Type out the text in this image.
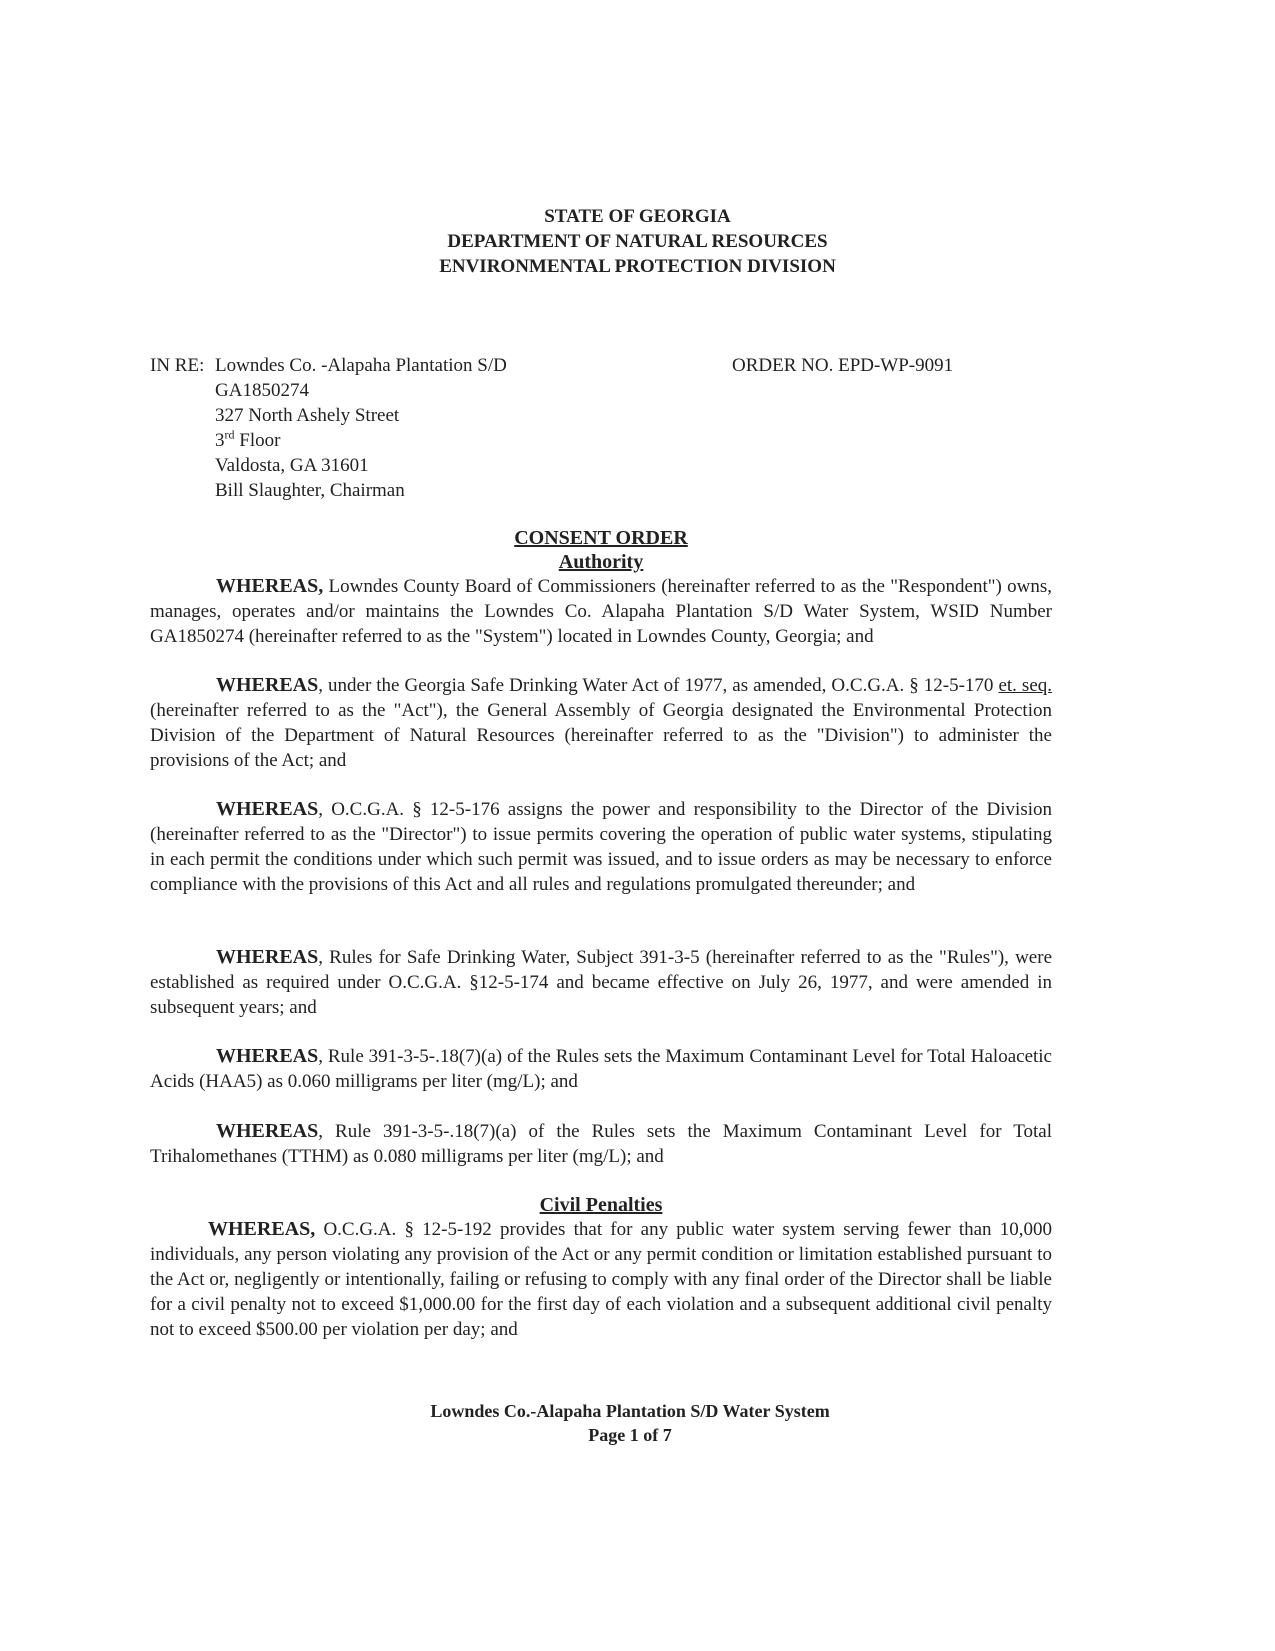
STATE OF GEORGIA
DEPARTMENT OF NATURAL RESOURCES
ENVIRONMENTAL PROTECTION DIVISION
IN RE: Lowndes Co. -Alapaha Plantation S/D
GA1850274
327 North Ashely Street
3rd Floor
Valdosta, GA 31601
Bill Slaughter, Chairman
ORDER NO. EPD-WP-9091
CONSENT ORDER
Authority
WHEREAS, Lowndes County Board of Commissioners (hereinafter referred to as the "Respondent") owns, manages, operates and/or maintains the Lowndes Co. Alapaha Plantation S/D Water System, WSID Number GA1850274 (hereinafter referred to as the "System") located in Lowndes County, Georgia; and
WHEREAS, under the Georgia Safe Drinking Water Act of 1977, as amended, O.C.G.A. § 12-5-170 et. seq. (hereinafter referred to as the "Act"), the General Assembly of Georgia designated the Environmental Protection Division of the Department of Natural Resources (hereinafter referred to as the "Division") to administer the provisions of the Act; and
WHEREAS, O.C.G.A. § 12-5-176 assigns the power and responsibility to the Director of the Division (hereinafter referred to as the "Director") to issue permits covering the operation of public water systems, stipulating in each permit the conditions under which such permit was issued, and to issue orders as may be necessary to enforce compliance with the provisions of this Act and all rules and regulations promulgated thereunder; and
WHEREAS, Rules for Safe Drinking Water, Subject 391-3-5 (hereinafter referred to as the "Rules"), were established as required under O.C.G.A. §12-5-174 and became effective on July 26, 1977, and were amended in subsequent years; and
WHEREAS, Rule 391-3-5-.18(7)(a) of the Rules sets the Maximum Contaminant Level for Total Haloacetic Acids (HAA5) as 0.060 milligrams per liter (mg/L); and
WHEREAS, Rule 391-3-5-.18(7)(a) of the Rules sets the Maximum Contaminant Level for Total Trihalomethanes (TTHM) as 0.080 milligrams per liter (mg/L); and
Civil Penalties
WHEREAS, O.C.G.A. § 12-5-192 provides that for any public water system serving fewer than 10,000 individuals, any person violating any provision of the Act or any permit condition or limitation established pursuant to the Act or, negligently or intentionally, failing or refusing to comply with any final order of the Director shall be liable for a civil penalty not to exceed $1,000.00 for the first day of each violation and a subsequent additional civil penalty not to exceed $500.00 per violation per day; and
Lowndes Co.-Alapaha Plantation S/D Water System
Page 1 of 7
